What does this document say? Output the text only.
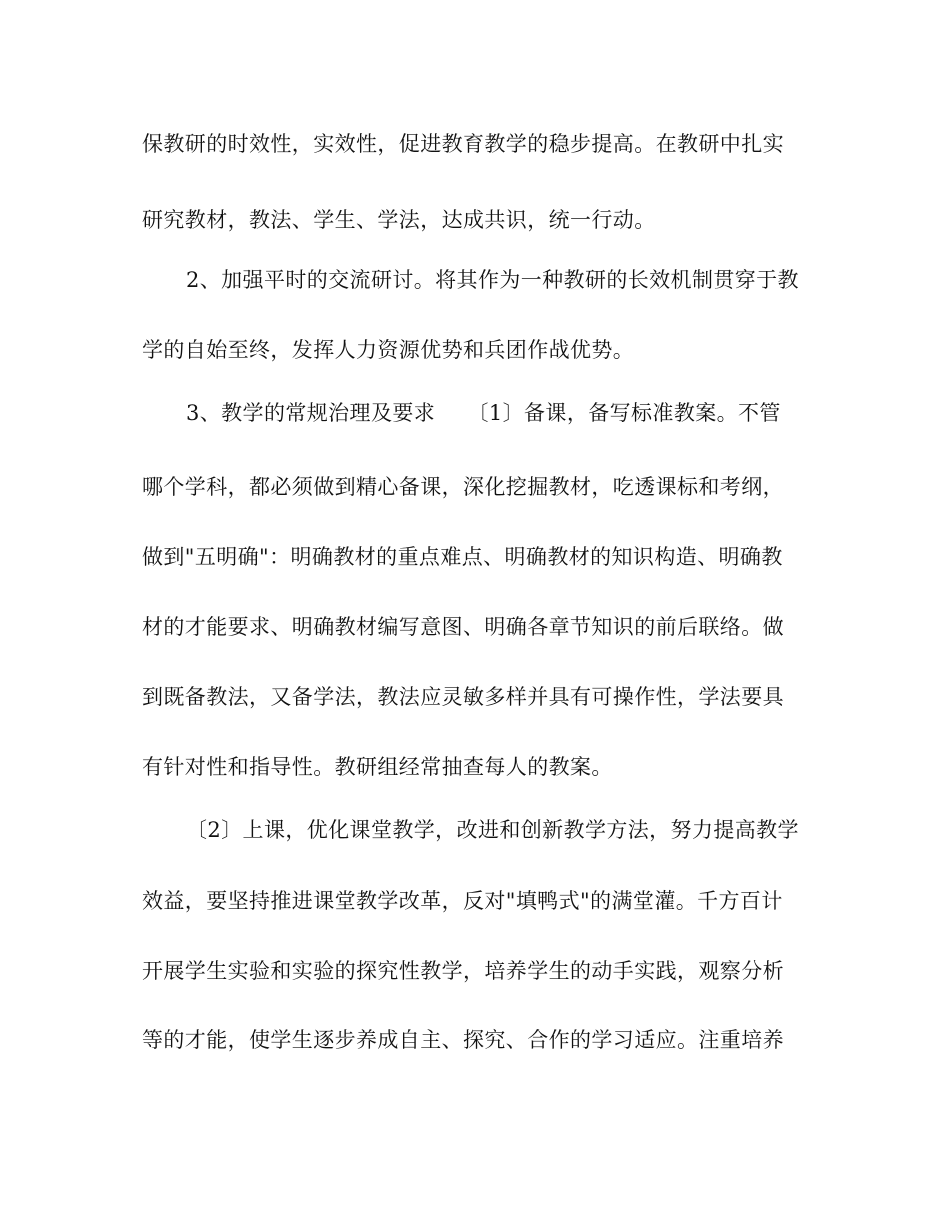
保教研的时效性，实效性，促进教育教学的稳步提高。在教研中扎实
研究教材，教法、学生、学法，达成共识，统一行动。
2、加强平时的交流研讨。将其作为一种教研的长效机制贯穿于教
学的自始至终，发挥人力资源优势和兵团作战优势。
3、教学的常规治理及要求　　〔1〕备课，备写标准教案。不管
哪个学科，都必须做到精心备课，深化挖掘教材，吃透课标和考纲，
做到"五明确"：明确教材的重点难点、明确教材的知识构造、明确教
材的才能要求、明确教材编写意图、明确各章节知识的前后联络。做
到既备教法，又备学法，教法应灵敏多样并具有可操作性，学法要具
有针对性和指导性。教研组经常抽查每人的教案。
〔2〕上课，优化课堂教学，改进和创新教学方法，努力提高教学
效益，要坚持推进课堂教学改革，反对"填鸭式"的满堂灌。千方百计
开展学生实验和实验的探究性教学，培养学生的动手实践，观察分析
等的才能，使学生逐步养成自主、探究、合作的学习适应。注重培养
